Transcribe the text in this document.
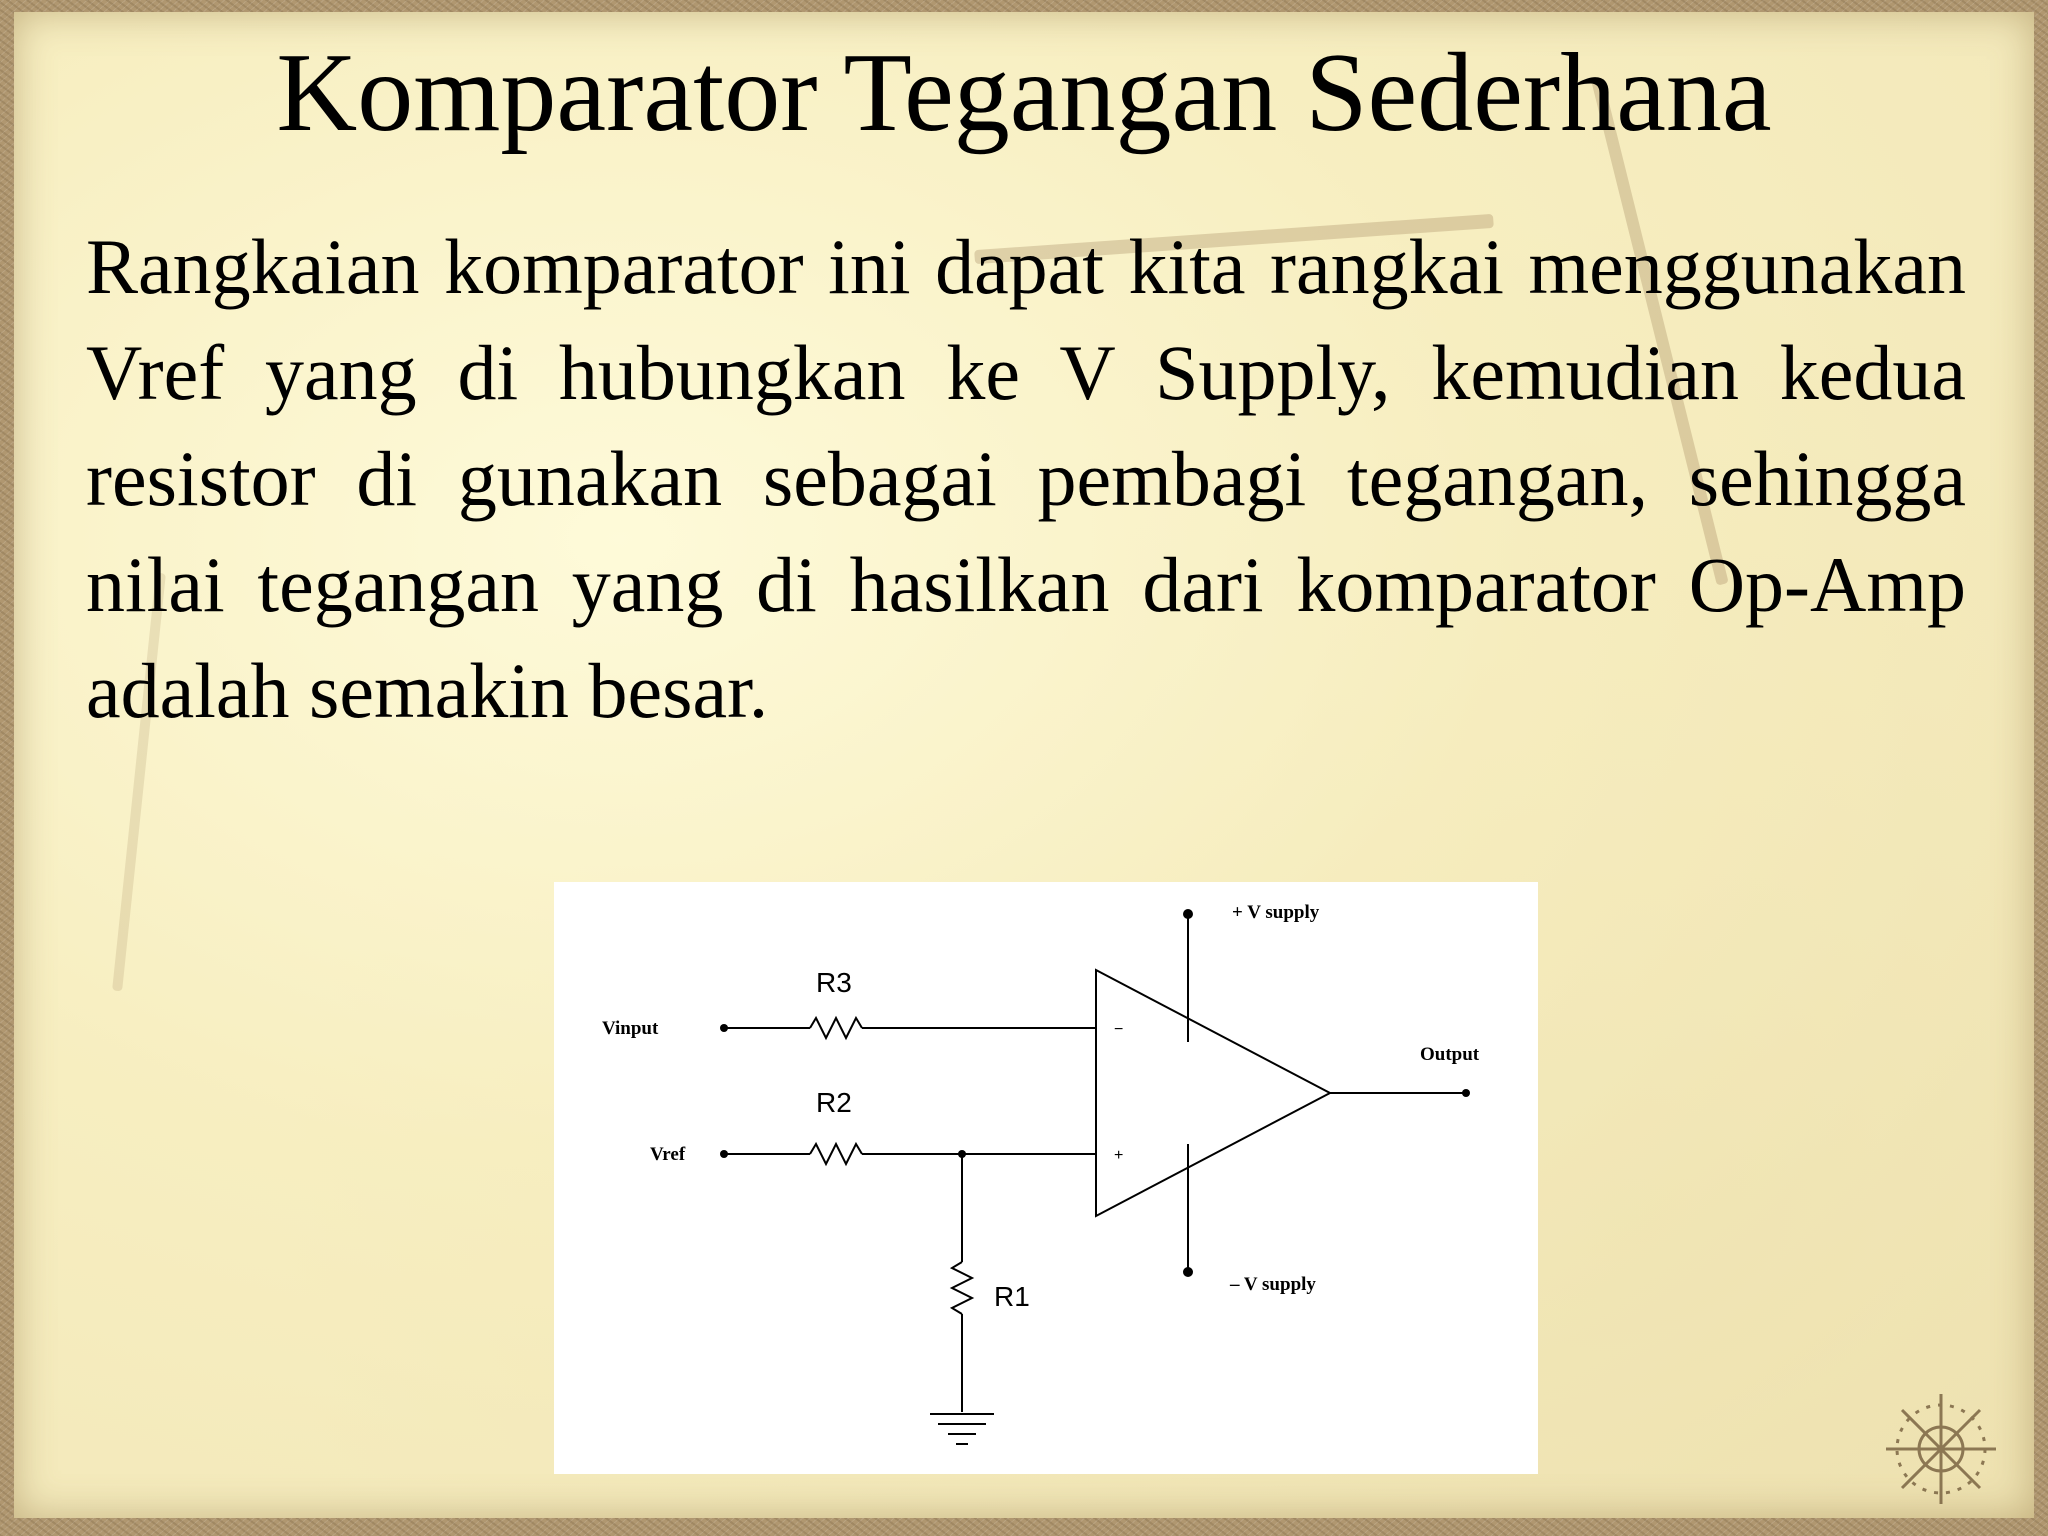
Komparator Tegangan Sederhana

Rangkaian komparator ini dapat kita rangkai menggunakan Vref yang di hubungkan ke V Supply, kemudian kedua resistor di gunakan sebagai pembagi tegangan, sehingga nilai tegangan yang di hasilkan dari komparator Op-Amp adalah semakin besar.

Vinput
Vref
Output
+ V supply
– V supply
R3
R2
R1
−
+
